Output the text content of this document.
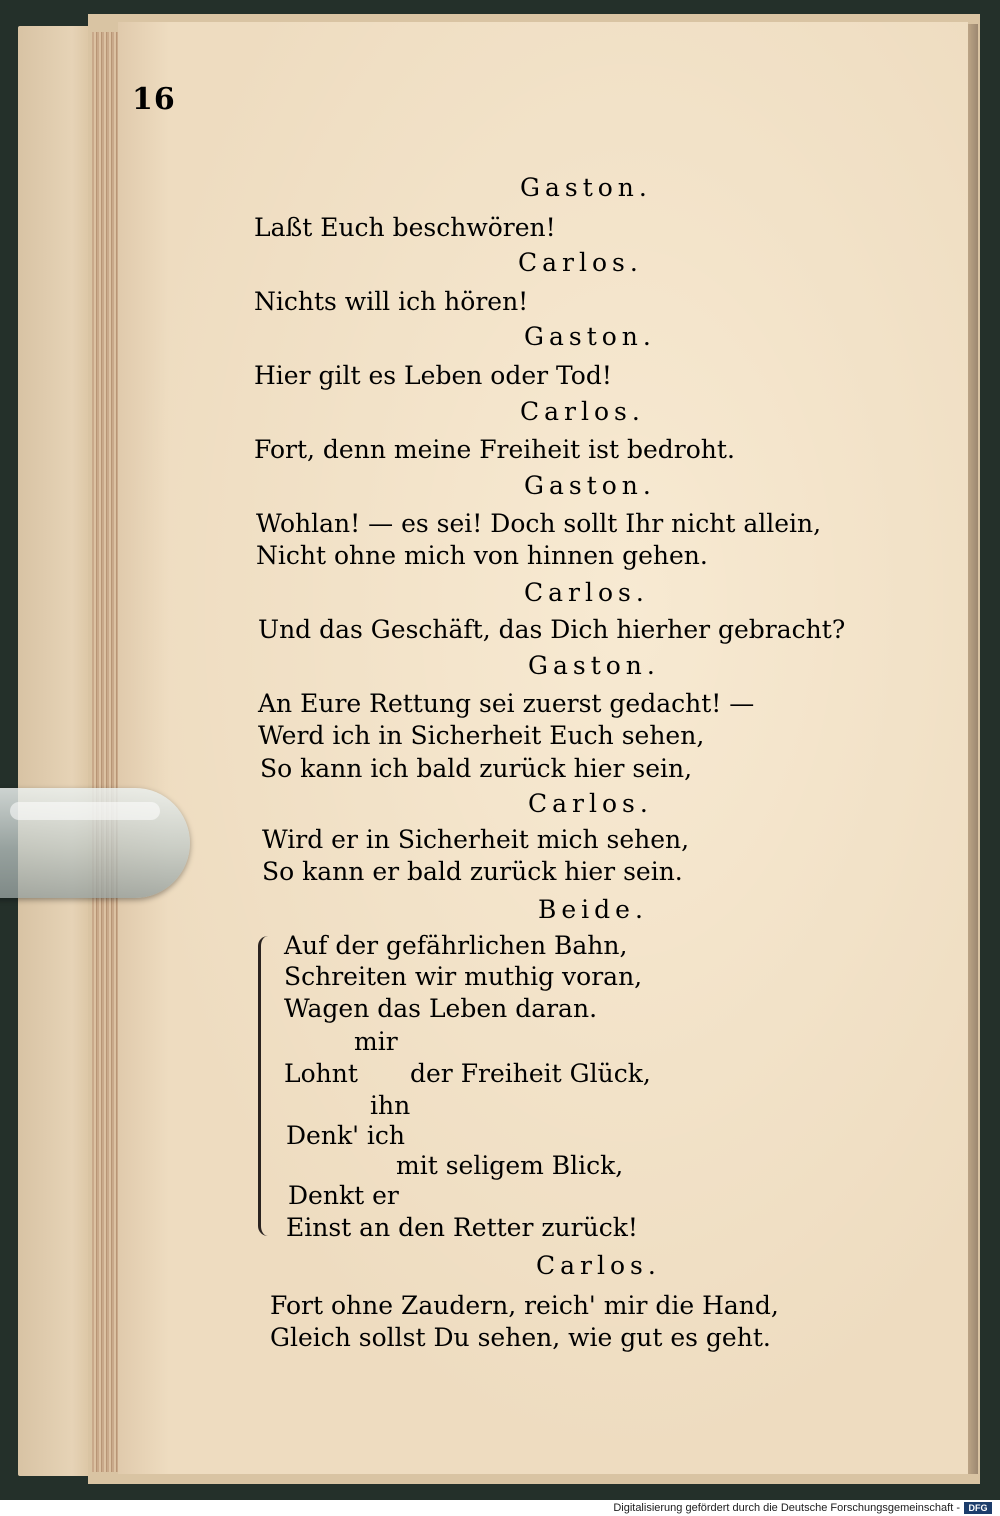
16

Gaston.

Laßt Euch beschwören!

Carlos.

Nichts will ich hören!

Gaston.

Hier gilt es Leben oder Tod!

Carlos.

Fort, denn meine Freiheit ist bedroht.

Gaston.

Wohlan! — es sei! Doch sollt Ihr nicht allein,

Nicht ohne mich von hinnen gehen.

Carlos.

Und das Geschäft, das Dich hierher gebracht?

Gaston.

An Eure Rettung sei zuerst gedacht! —

Werd ich in Sicherheit Euch sehen,

So kann ich bald zurück hier sein,

Carlos.

Wird er in Sicherheit mich sehen,

So kann er bald zurück hier sein.

Beide.

Auf der gefährlichen Bahn,

Schreiten wir muthig voran,

Wagen das Leben daran.

mir

Lohnt der Freiheit Glück,

ihn

Denk' ich

mit seligem Blick,

Denkt er

Einst an den Retter zurück!

Carlos.

Fort ohne Zaudern, reich' mir die Hand,

Gleich sollst Du sehen, wie gut es geht.

Digitalisierung gefördert durch die Deutsche Forschungsgemeinschaft - DFG
